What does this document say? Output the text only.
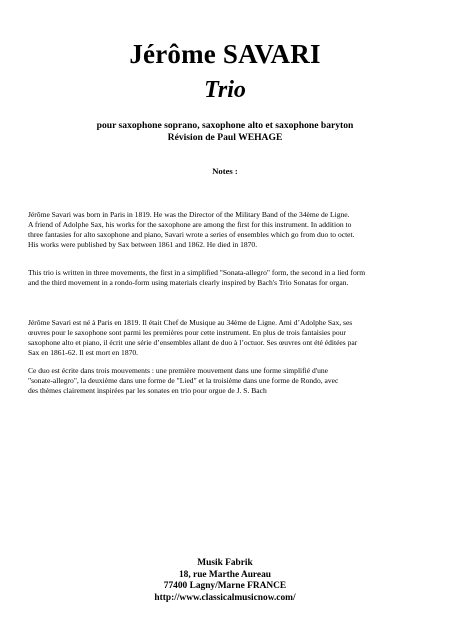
Jérôme SAVARI
Trio
pour saxophone soprano, saxophone alto et saxophone baryton
Révision de Paul WEHAGE
Notes :

Jérôme Savari was born in Paris in 1819. He was the Director of the Military Band of the 34ème de Ligne.

A friend of Adolphe Sax, his works for the saxophone are among the first for this instrument. In addition to

three fantasies for alto saxophone and piano, Savari wrote a series of ensembles which go from duo to octet.

His works were published by Sax between 1861 and 1862. He died in 1870.

This trio is written in three movements, the first in a simplified "Sonata-allegro" form, the second in a lied form

and the third movement in a rondo-form using materials clearly inspired by Bach's Trio Sonatas for organ.

Jérôme Savari est né à Paris en 1819. Il était Chef de Musique au 34ème de Ligne. Ami d’Adolphe Sax, ses

œuvres pour le saxophone sont parmi les premières pour cette instrument. En plus de trois fantaisies pour

saxophone alto et piano, il écrit une série d’ensembles allant de duo à l’octuor. Ses œuvres ont été éditées par

Sax en 1861-62. Il est mort en 1870.

Ce duo est écrite dans trois mouvements : une première mouvement dans une forme simplifié d'une

"sonate-allegro", la deuxième dans une forme de "Lied" et la troisième dans une forme de Rondo, avec

des thèmes clairement inspirées par les sonates en trio pour orgue de J. S. Bach

Musik Fabrik
18, rue Marthe Aureau
77400 Lagny/Marne FRANCE
http://www.classicalmusicnow.com/
